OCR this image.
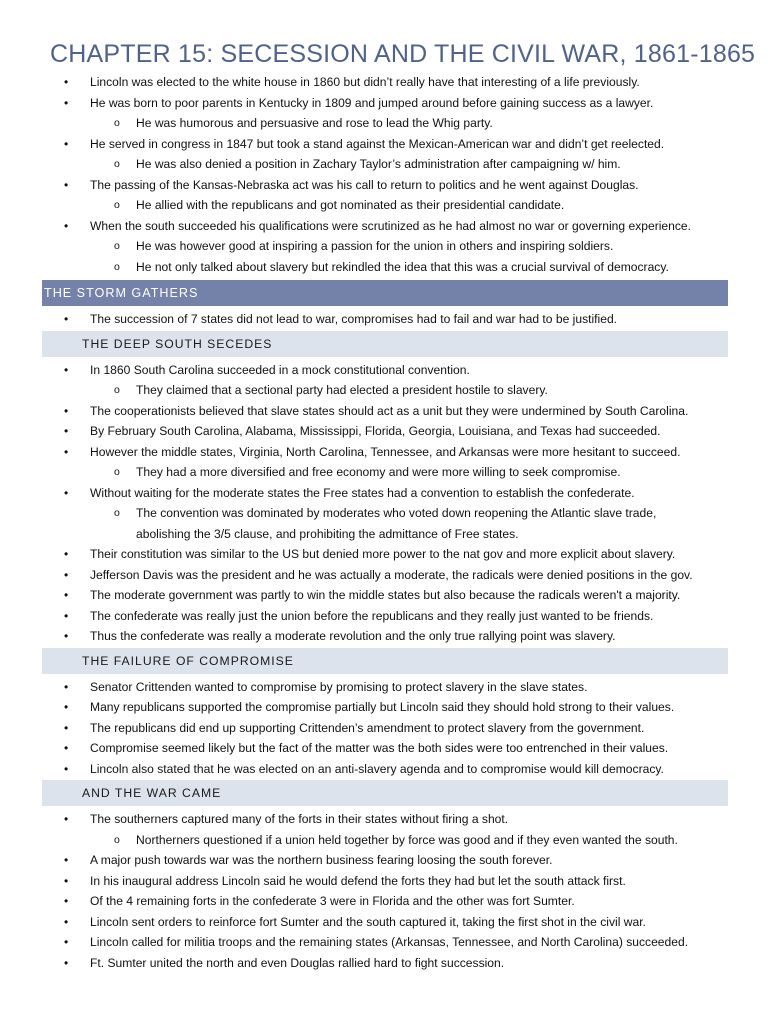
CHAPTER 15: SECESSION AND THE CIVIL WAR, 1861-1865
• Lincoln was elected to the white house in 1860 but didn’t really have that interesting of a life previously.
• He was born to poor parents in Kentucky in 1809 and jumped around before gaining success as a lawyer.
o He was humorous and persuasive and rose to lead the Whig party.
• He served in congress in 1847 but took a stand against the Mexican-American war and didn’t get reelected.
o He was also denied a position in Zachary Taylor’s administration after campaigning w/ him.
• The passing of the Kansas-Nebraska act was his call to return to politics and he went against Douglas.
o He allied with the republicans and got nominated as their presidential candidate.
• When the south succeeded his qualifications were scrutinized as he had almost no war or governing experience.
o He was however good at inspiring a passion for the union in others and inspiring soldiers.
o He not only talked about slavery but rekindled the idea that this was a crucial survival of democracy.
THE STORM GATHERS
• The succession of 7 states did not lead to war, compromises had to fail and war had to be justified.
THE DEEP SOUTH SECEDES
• In 1860 South Carolina succeeded in a mock constitutional convention.
o They claimed that a sectional party had elected a president hostile to slavery.
• The cooperationists believed that slave states should act as a unit but they were undermined by South Carolina.
• By February South Carolina, Alabama, Mississippi, Florida, Georgia, Louisiana, and Texas had succeeded.
• However the middle states, Virginia, North Carolina, Tennessee, and Arkansas were more hesitant to succeed.
o They had a more diversified and free economy and were more willing to seek compromise.
• Without waiting for the moderate states the Free states had a convention to establish the confederate.
o The convention was dominated by moderates who voted down reopening the Atlantic slave trade, abolishing the 3/5 clause, and prohibiting the admittance of Free states.
• Their constitution was similar to the US but denied more power to the nat gov and more explicit about slavery.
• Jefferson Davis was the president and he was actually a moderate, the radicals were denied positions in the gov.
• The moderate government was partly to win the middle states but also because the radicals weren't a majority.
• The confederate was really just the union before the republicans and they really just wanted to be friends.
• Thus the confederate was really a moderate revolution and the only true rallying point was slavery.
THE FAILURE OF COMPROMISE
• Senator Crittenden wanted to compromise by promising to protect slavery in the slave states.
• Many republicans supported the compromise partially but Lincoln said they should hold strong to their values.
• The republicans did end up supporting Crittenden’s amendment to protect slavery from the government.
• Compromise seemed likely but the fact of the matter was the both sides were too entrenched in their values.
• Lincoln also stated that he was elected on an anti-slavery agenda and to compromise would kill democracy.
AND THE WAR CAME
• The southerners captured many of the forts in their states without firing a shot.
o Northerners questioned if a union held together by force was good and if they even wanted the south.
• A major push towards war was the northern business fearing loosing the south forever.
• In his inaugural address Lincoln said he would defend the forts they had but let the south attack first.
• Of the 4 remaining forts in the confederate 3 were in Florida and the other was fort Sumter.
• Lincoln sent orders to reinforce fort Sumter and the south captured it, taking the first shot in the civil war.
• Lincoln called for militia troops and the remaining states (Arkansas, Tennessee, and North Carolina) succeeded.
• Ft. Sumter united the north and even Douglas rallied hard to fight succession.
